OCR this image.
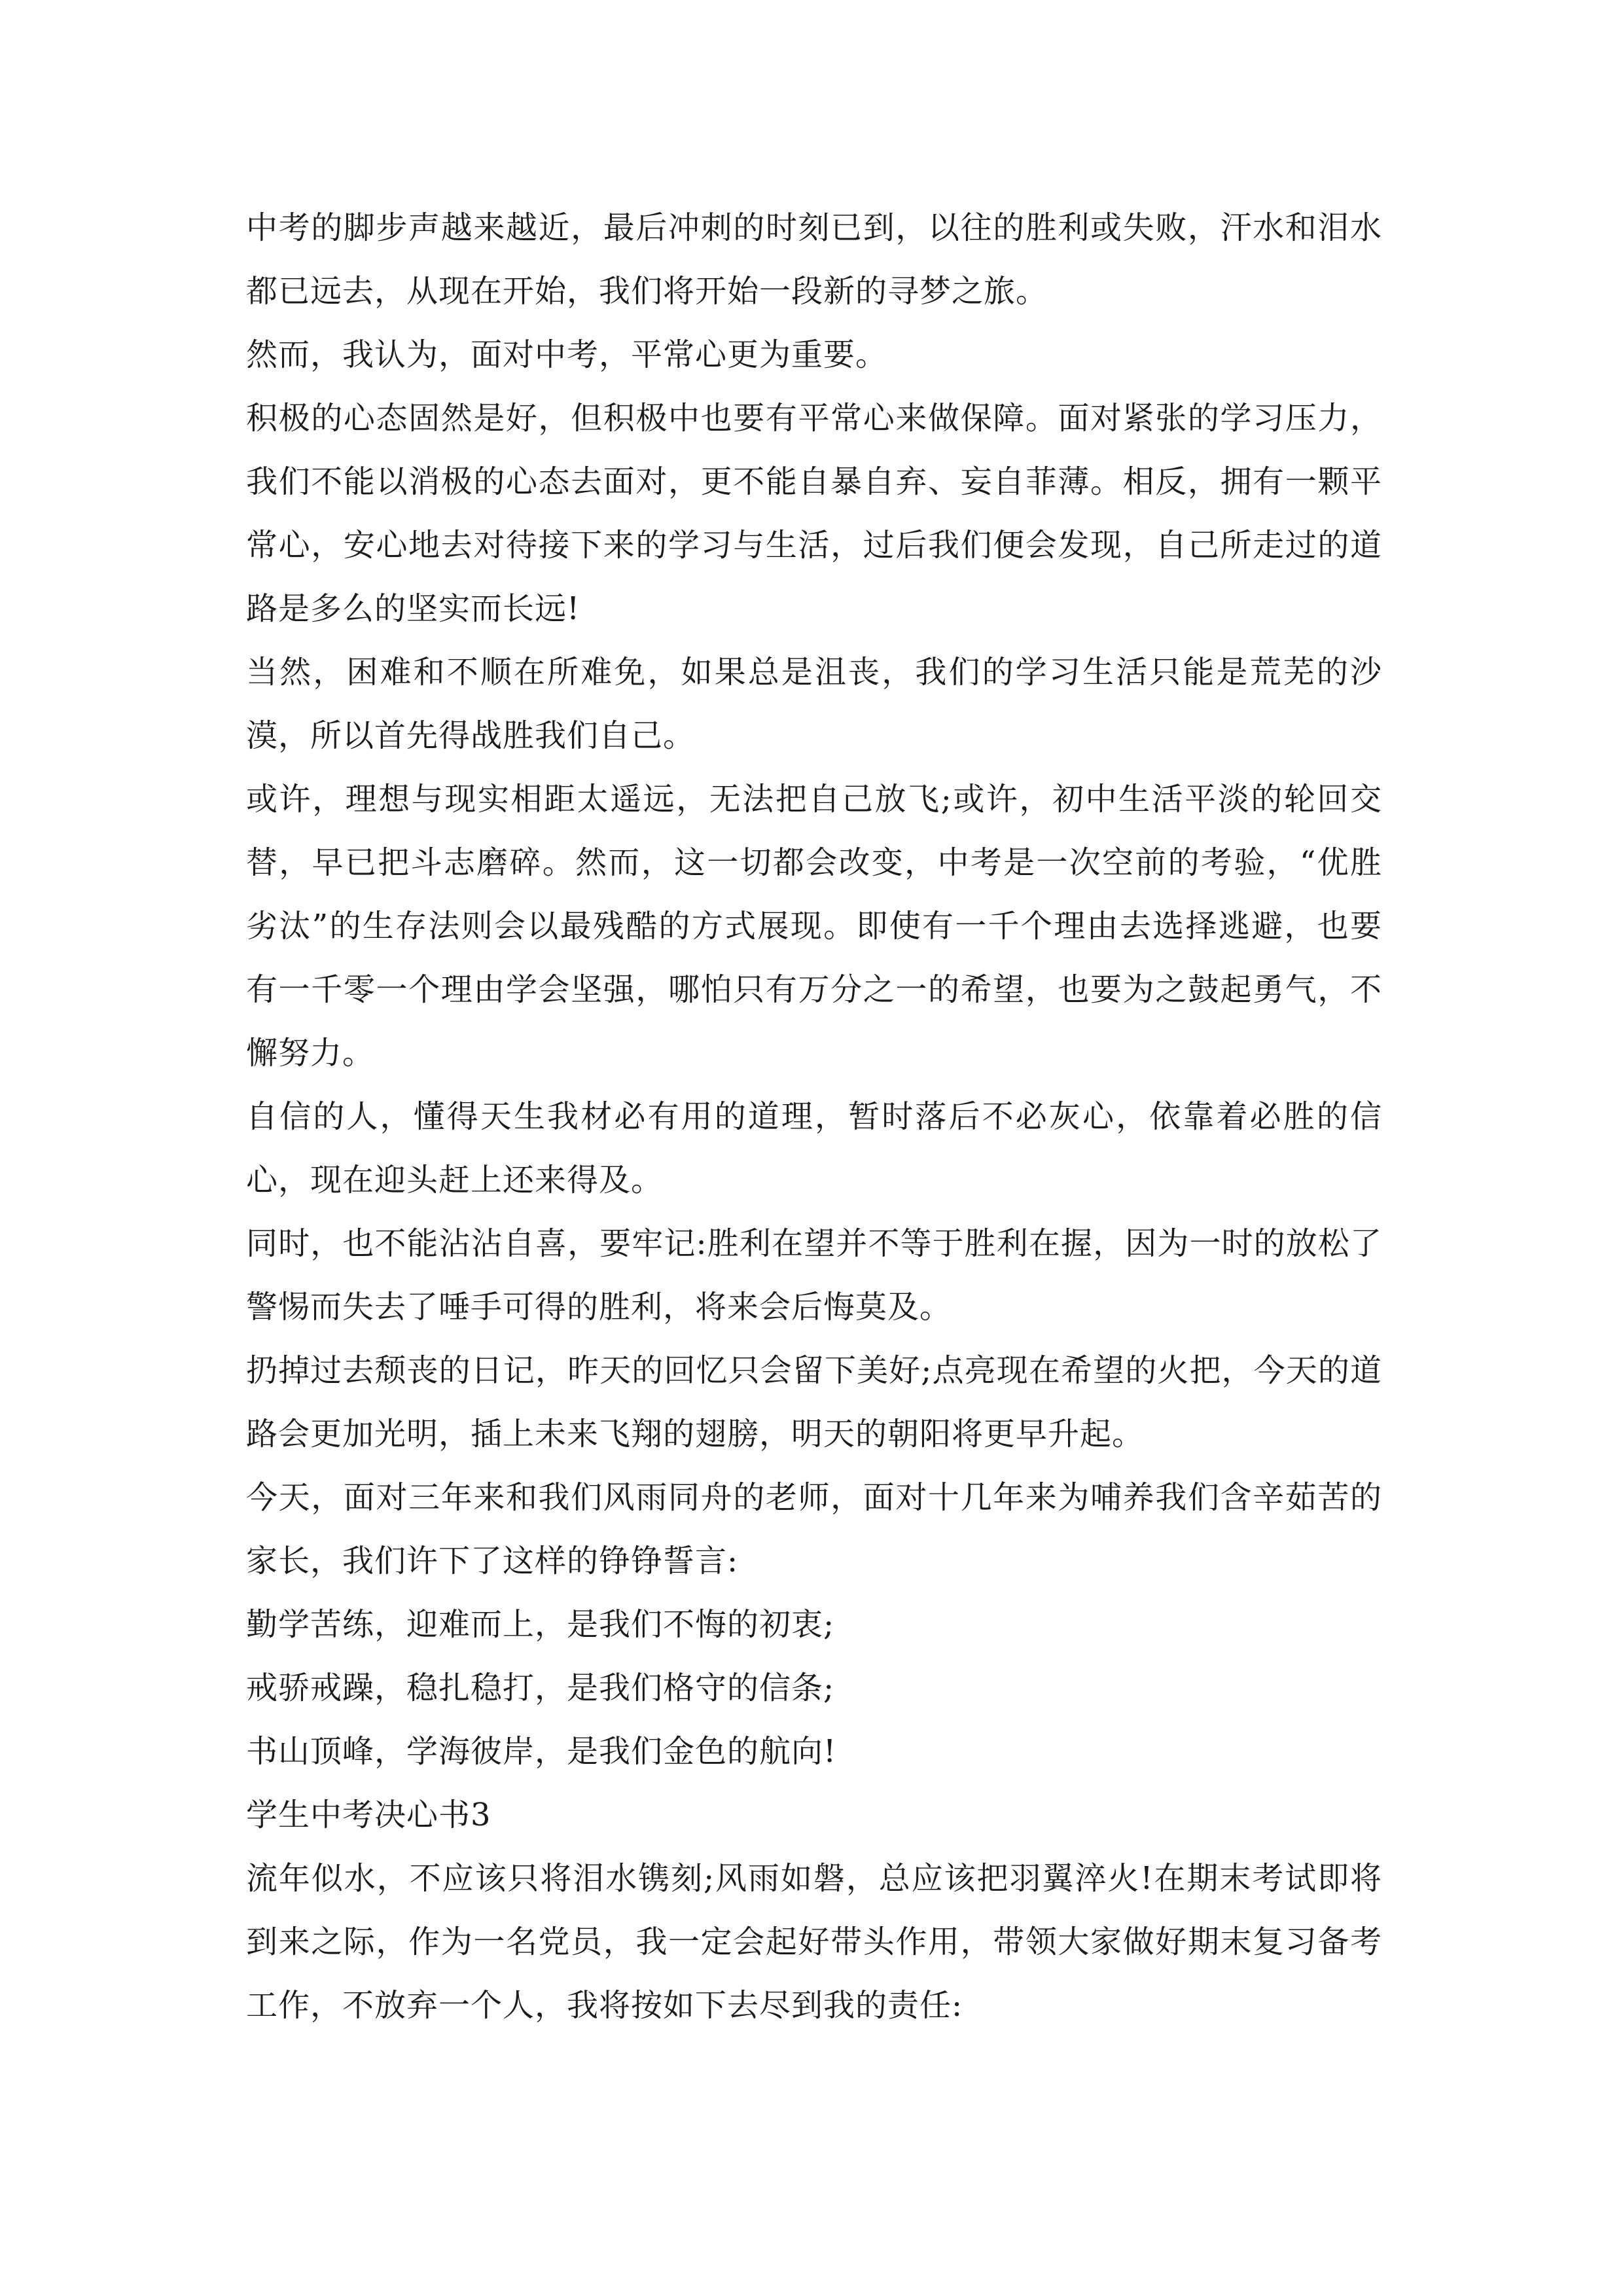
中考的脚步声越来越近，最后冲刺的时刻已到，以往的胜利或失败，汗水和泪水都已远去，从现在开始，我们将开始一段新的寻梦之旅。

然而，我认为，面对中考，平常心更为重要。

积极的心态固然是好，但积极中也要有平常心来做保障。面对紧张的学习压力，我们不能以消极的心态去面对，更不能自暴自弃、妄自菲薄。相反，拥有一颗平常心，安心地去对待接下来的学习与生活，过后我们便会发现，自己所走过的道路是多么的坚实而长远!

当然，困难和不顺在所难免，如果总是沮丧，我们的学习生活只能是荒芜的沙漠，所以首先得战胜我们自己。

或许，理想与现实相距太遥远，无法把自己放飞;或许，初中生活平淡的轮回交替，早已把斗志磨碎。然而，这一切都会改变，中考是一次空前的考验，“优胜劣汰”的生存法则会以最残酷的方式展现。即使有一千个理由去选择逃避，也要有一千零一个理由学会坚强，哪怕只有万分之一的希望，也要为之鼓起勇气，不懈努力。

自信的人，懂得天生我材必有用的道理，暂时落后不必灰心，依靠着必胜的信心，现在迎头赶上还来得及。

同时，也不能沾沾自喜，要牢记:胜利在望并不等于胜利在握，因为一时的放松了警惕而失去了唾手可得的胜利，将来会后悔莫及。

扔掉过去颓丧的日记，昨天的回忆只会留下美好;点亮现在希望的火把，今天的道路会更加光明，插上未来飞翔的翅膀，明天的朝阳将更早升起。

今天，面对三年来和我们风雨同舟的老师，面对十几年来为哺养我们含辛茹苦的家长，我们许下了这样的铮铮誓言:

勤学苦练，迎难而上，是我们不悔的初衷;

戒骄戒躁，稳扎稳打，是我们格守的信条;

书山顶峰，学海彼岸，是我们金色的航向!

学生中考决心书3

流年似水，不应该只将泪水镌刻;风雨如磐，总应该把羽翼淬火!在期末考试即将到来之际，作为一名党员，我一定会起好带头作用，带领大家做好期末复习备考工作，不放弃一个人，我将按如下去尽到我的责任:
